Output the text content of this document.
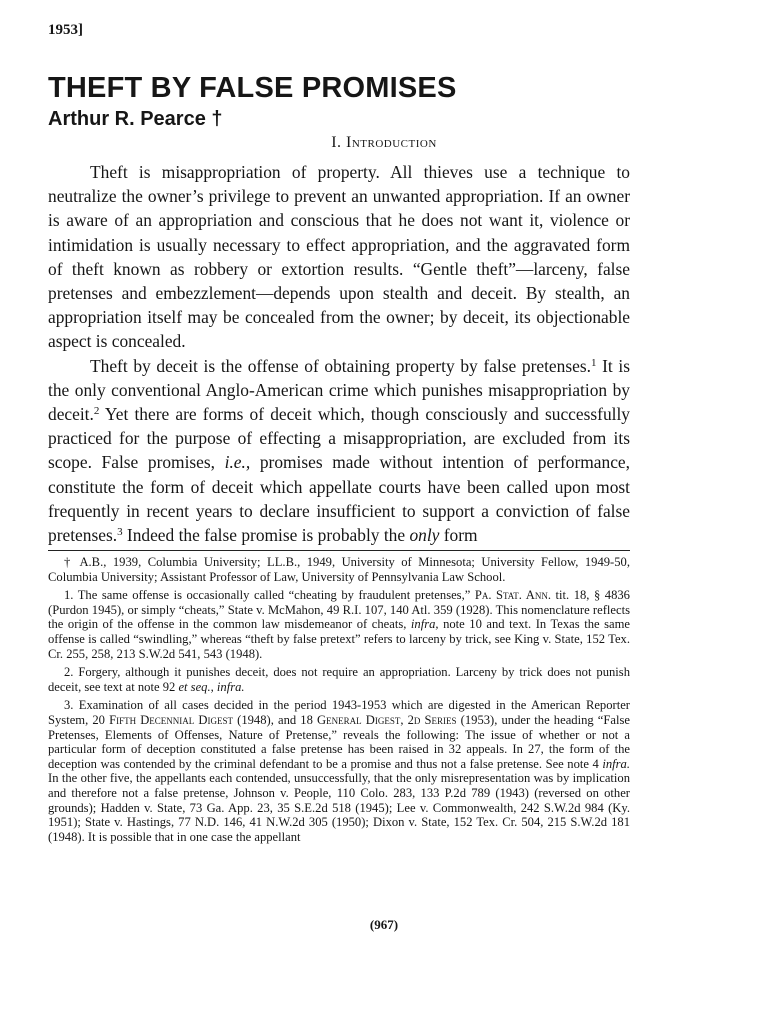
1953]
THEFT BY FALSE PROMISES
Arthur R. Pearce †
I. Introduction

Theft is misappropriation of property. All thieves use a technique to neutralize the owner’s privilege to prevent an unwanted appropriation. If an owner is aware of an appropriation and conscious that he does not want it, violence or intimidation is usually necessary to effect appropriation, and the aggravated form of theft known as robbery or extortion results. “Gentle theft”—larceny, false pretenses and embezzlement—depends upon stealth and deceit. By stealth, an appropriation itself may be concealed from the owner; by deceit, its objectionable aspect is concealed.

Theft by deceit is the offense of obtaining property by false pretenses.$^1$ It is the only conventional Anglo-American crime which punishes misappropriation by deceit.$^2$ Yet there are forms of deceit which, though consciously and successfully practiced for the purpose of effecting a misappropriation, are excluded from its scope. False promises, i.e., promises made without intention of performance, constitute the form of deceit which appellate courts have been called upon most frequently in recent years to declare insufficient to support a conviction of false pretenses.$^3$ Indeed the false promise is probably the only form

† A.B., 1939, Columbia University; LL.B., 1949, University of Minnesota; University Fellow, 1949-50, Columbia University; Assistant Professor of Law, University of Pennsylvania Law School.

1. The same offense is occasionally called “cheating by fraudulent pretenses,” Pa. Stat. Ann. tit. 18, § 4836 (Purdon 1945), or simply “cheats,” State v. McMahon, 49 R.I. 107, 140 Atl. 359 (1928). This nomenclature reflects the origin of the offense in the common law misdemeanor of cheats, infra, note 10 and text. In Texas the same offense is called “swindling,” whereas “theft by false pretext” refers to larceny by trick, see King v. State, 152 Tex. Cr. 255, 258, 213 S.W.2d 541, 543 (1948).

2. Forgery, although it punishes deceit, does not require an appropriation. Larceny by trick does not punish deceit, see text at note 92 et seq., infra.

3. Examination of all cases decided in the period 1943-1953 which are digested in the American Reporter System, 20 Fifth Decennial Digest (1948), and 18 General Digest, 2d Series (1953), under the heading “False Pretenses, Elements of Offenses, Nature of Pretense,” reveals the following: The issue of whether or not a particular form of deception constituted a false pretense has been raised in 32 appeals. In 27, the form of the deception was contended by the criminal defendant to be a promise and thus not a false pretense. See note 4 infra. In the other five, the appellants each contended, unsuccessfully, that the only misrepresentation was by implication and therefore not a false pretense, Johnson v. People, 110 Colo. 283, 133 P.2d 789 (1943) (reversed on other grounds); Hadden v. State, 73 Ga. App. 23, 35 S.E.2d 518 (1945); Lee v. Commonwealth, 242 S.W.2d 984 (Ky. 1951); State v. Hastings, 77 N.D. 146, 41 N.W.2d 305 (1950); Dixon v. State, 152 Tex. Cr. 504, 215 S.W.2d 181 (1948). It is possible that in one case the appellant

(967)
